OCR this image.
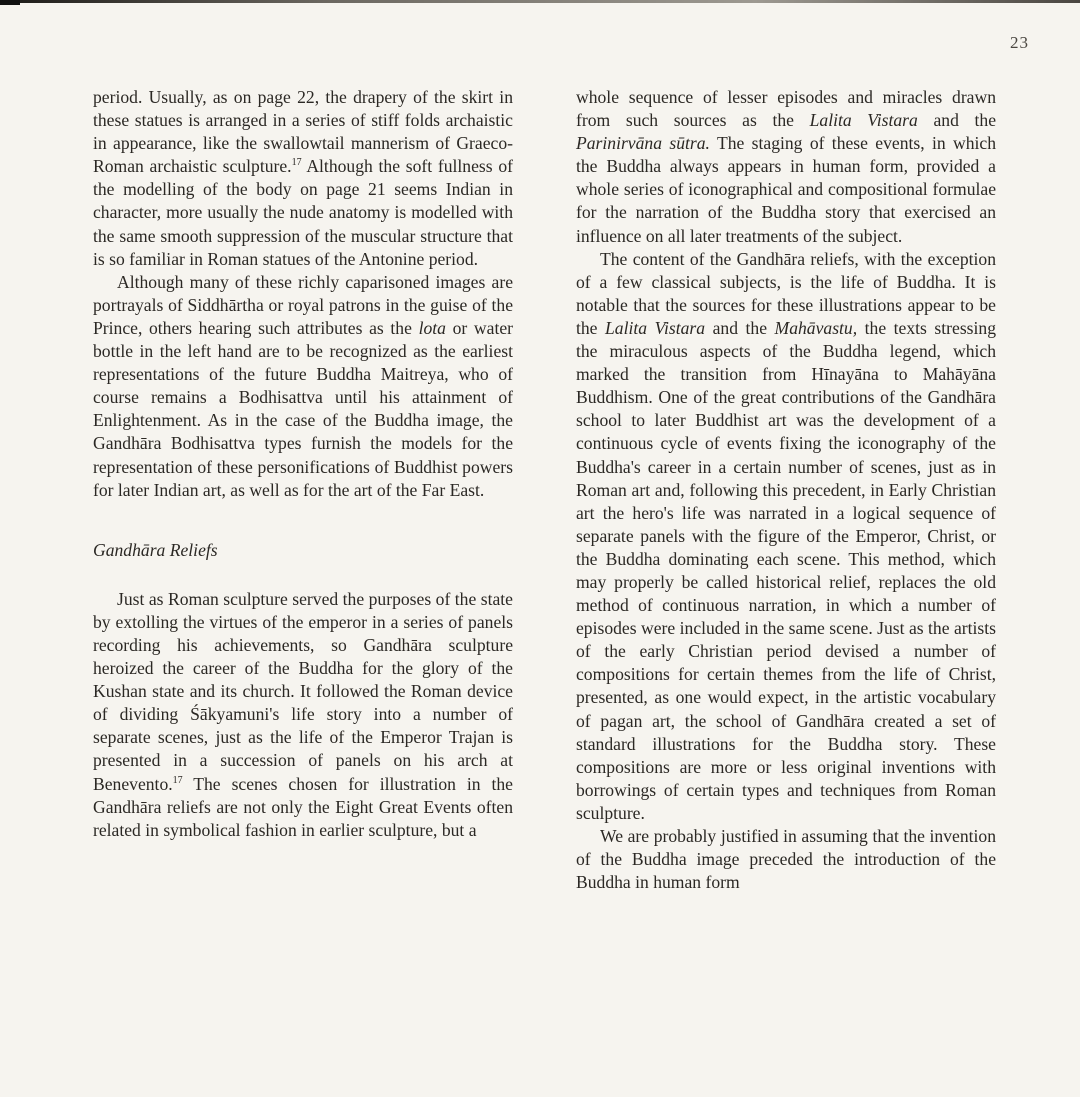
23

period. Usually, as on page 22, the drapery of the skirt in these statues is arranged in a series of stiff folds archaistic in appearance, like the swallowtail mannerism of Graeco-Roman archaistic sculpture.$^{17}$ Although the soft fullness of the modelling of the body on page 21 seems Indian in character, more usually the nude anatomy is modelled with the same smooth suppression of the muscular structure that is so familiar in Roman statues of the Antonine period.

Although many of these richly caparisoned images are portrayals of Siddhārtha or royal patrons in the guise of the Prince, others hearing such attributes as the lota or water bottle in the left hand are to be recognized as the earliest representations of the future Buddha Maitreya, who of course remains a Bodhisattva until his attainment of Enlightenment. As in the case of the Buddha image, the Gandhāra Bodhisattva types furnish the models for the representation of these personifications of Buddhist powers for later Indian art, as well as for the art of the Far East.

Gandhāra Reliefs

Just as Roman sculpture served the purposes of the state by extolling the virtues of the emperor in a series of panels recording his achievements, so Gandhāra sculpture heroized the career of the Buddha for the glory of the Kushan state and its church. It followed the Roman device of dividing Śākyamuni's life story into a number of separate scenes, just as the life of the Emperor Trajan is presented in a succession of panels on his arch at Benevento.$^{17}$ The scenes chosen for illustration in the Gandhāra reliefs are not only the Eight Great Events often related in symbolical fashion in earlier sculpture, but a

whole sequence of lesser episodes and miracles drawn from such sources as the Lalita Vistara and the Parinirvāna sūtra. The staging of these events, in which the Buddha always appears in human form, provided a whole series of iconographical and compositional formulae for the narration of the Buddha story that exercised an influence on all later treatments of the subject.

The content of the Gandhāra reliefs, with the exception of a few classical subjects, is the life of Buddha. It is notable that the sources for these illustrations appear to be the Lalita Vistara and the Mahāvastu, the texts stressing the miraculous aspects of the Buddha legend, which marked the transition from Hīnayāna to Mahāyāna Buddhism. One of the great contributions of the Gandhāra school to later Buddhist art was the development of a continuous cycle of events fixing the iconography of the Buddha's career in a certain number of scenes, just as in Roman art and, following this precedent, in Early Christian art the hero's life was narrated in a logical sequence of separate panels with the figure of the Emperor, Christ, or the Buddha dominating each scene. This method, which may properly be called historical relief, replaces the old method of continuous narration, in which a number of episodes were included in the same scene. Just as the artists of the early Christian period devised a number of compositions for certain themes from the life of Christ, presented, as one would expect, in the artistic vocabulary of pagan art, the school of Gandhāra created a set of standard illustrations for the Buddha story. These compositions are more or less original inventions with borrowings of certain types and techniques from Roman sculpture.

We are probably justified in assuming that the invention of the Buddha image preceded the introduction of the Buddha in human form
